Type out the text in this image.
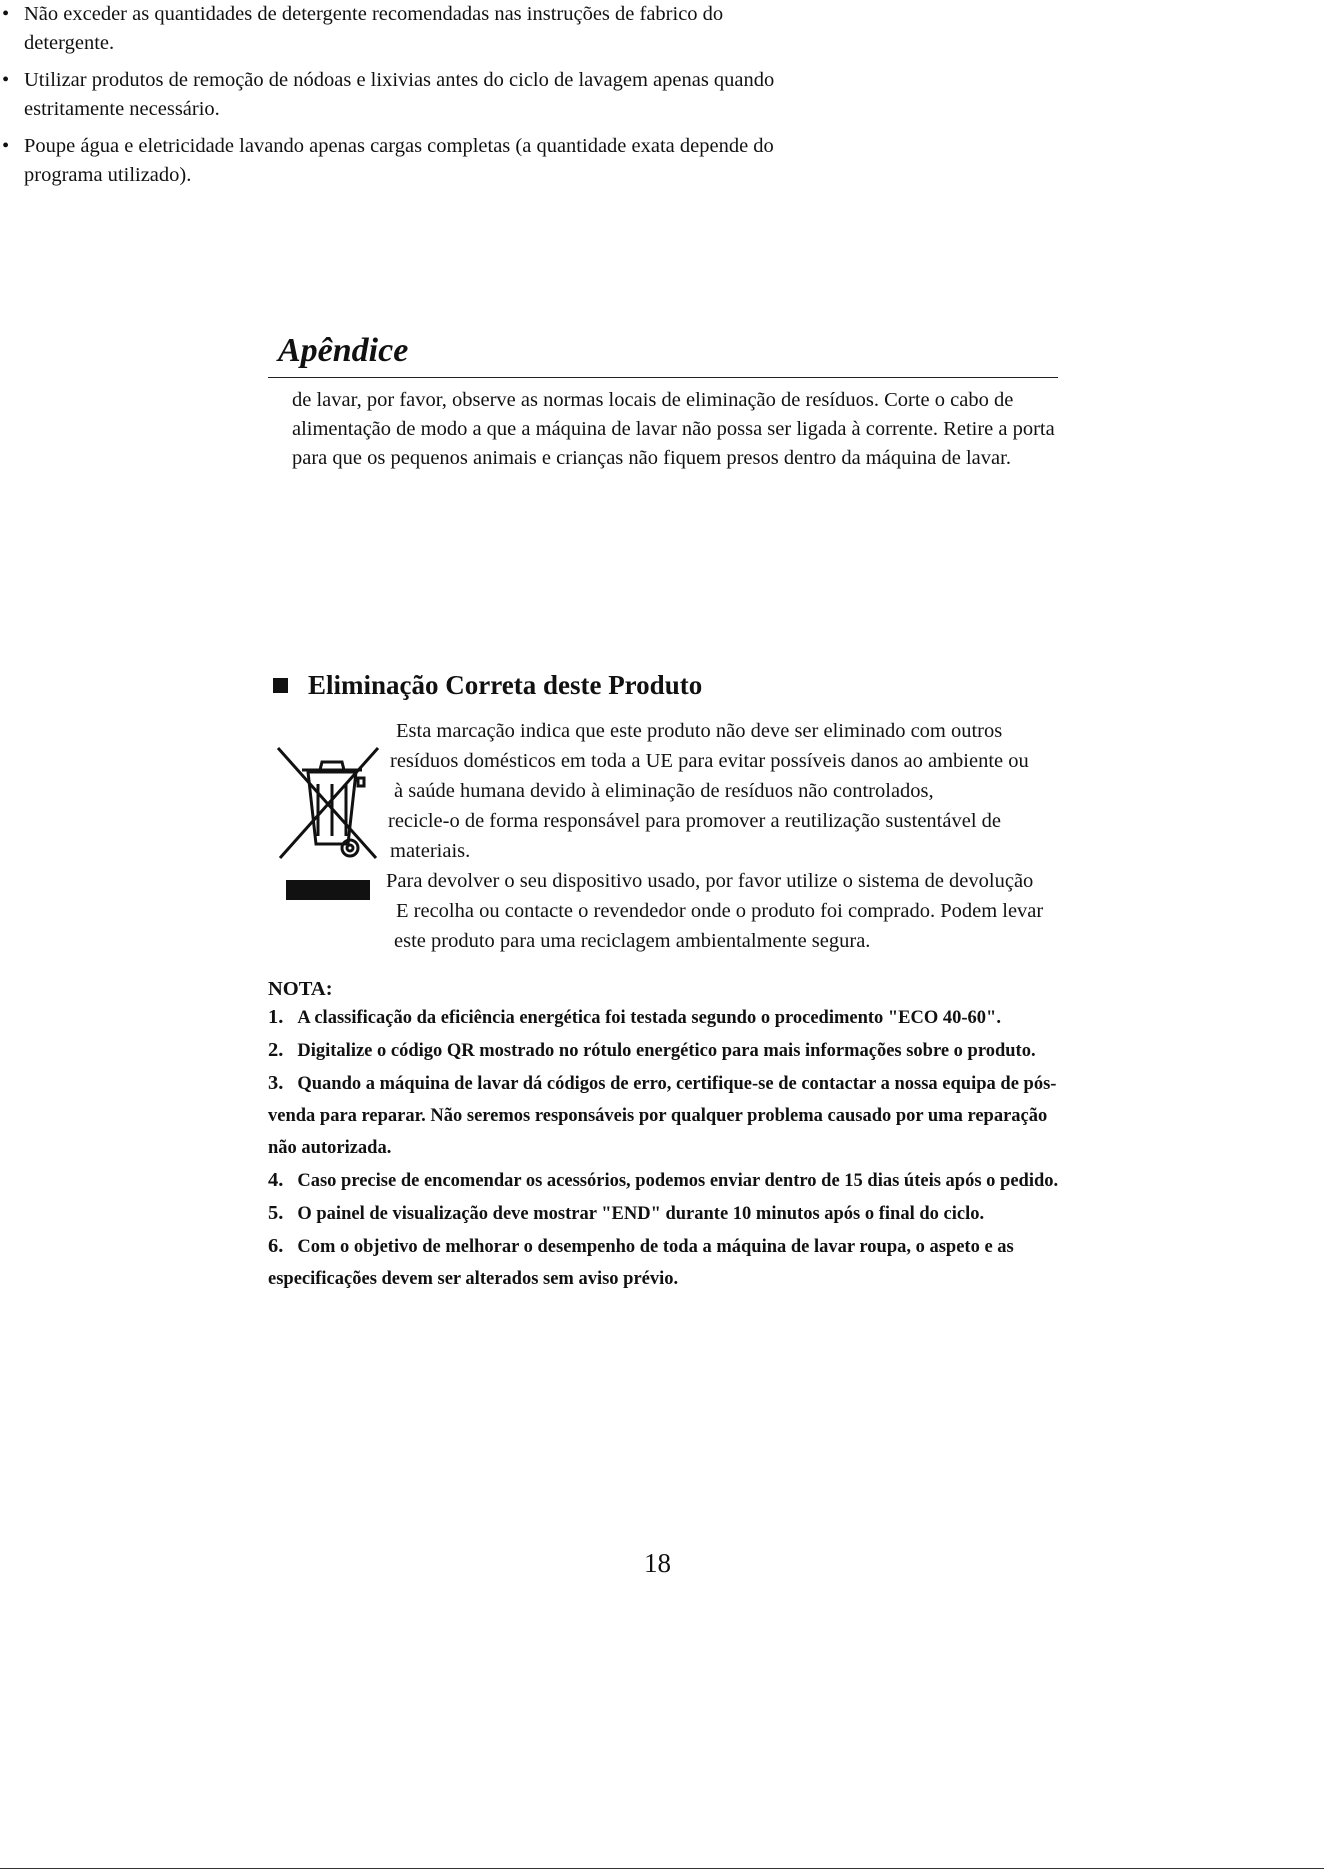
Apêndice
de lavar, por favor, observe as normas locais de eliminação de resíduos. Corte o cabo de alimentação de modo a que a máquina de lavar não possa ser ligada à corrente. Retire a porta para que os pequenos animais e crianças não fiquem presos dentro da máquina de lavar.
• Não exceder as quantidades de detergente recomendadas nas instruções de fabrico do detergente.
• Utilizar produtos de remoção de nódoas e lixivias antes do ciclo de lavagem apenas quando estritamente necessário.
• Poupe água e eletricidade lavando apenas cargas completas (a quantidade exata depende do programa utilizado).
Eliminação Correta deste Produto
Esta marcação indica que este produto não deve ser eliminado com outros
resíduos domésticos em toda a UE para evitar possíveis danos ao ambiente ou
à saúde humana devido à eliminação de resíduos não controlados,
recicle-o de forma responsável para promover a reutilização sustentável de
materiais.
Para devolver o seu dispositivo usado, por favor utilize o sistema de devolução
E recolha ou contacte o revendedor onde o produto foi comprado. Podem levar
este produto para uma reciclagem ambientalmente segura.
NOTA:
1. A classificação da eficiência energética foi testada segundo o procedimento "ECO 40-60".
2. Digitalize o código QR mostrado no rótulo energético para mais informações sobre o produto.
3. Quando a máquina de lavar dá códigos de erro, certifique-se de contactar a nossa equipa de pós-venda para reparar. Não seremos responsáveis por qualquer problema causado por uma reparação não autorizada.
4. Caso precise de encomendar os acessórios, podemos enviar dentro de 15 dias úteis após o pedido.
5. O painel de visualização deve mostrar "END" durante 10 minutos após o final do ciclo.
6. Com o objetivo de melhorar o desempenho de toda a máquina de lavar roupa, o aspeto e as especificações devem ser alterados sem aviso prévio.
18
